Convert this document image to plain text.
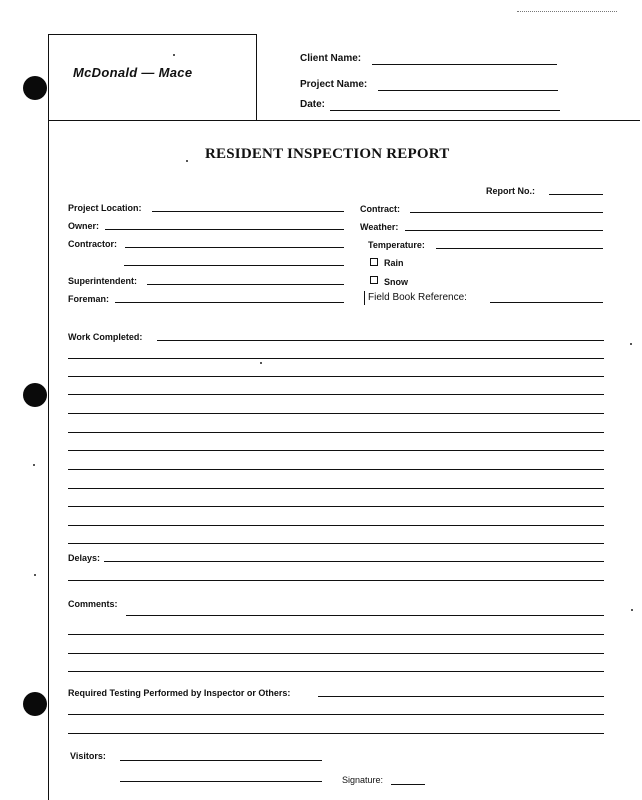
McDonald — Mace
Client Name:
Project Name:
Date:
RESIDENT INSPECTION REPORT
Report No.:
Project Location:
Owner:
Contractor:
Superintendent:
Foreman:
Contract:
Weather:
Temperature:
Rain
Snow
Field Book Reference:
Work Completed:
Delays:
Comments:
Required Testing Performed by Inspector or Others:
Visitors:
Signature:
